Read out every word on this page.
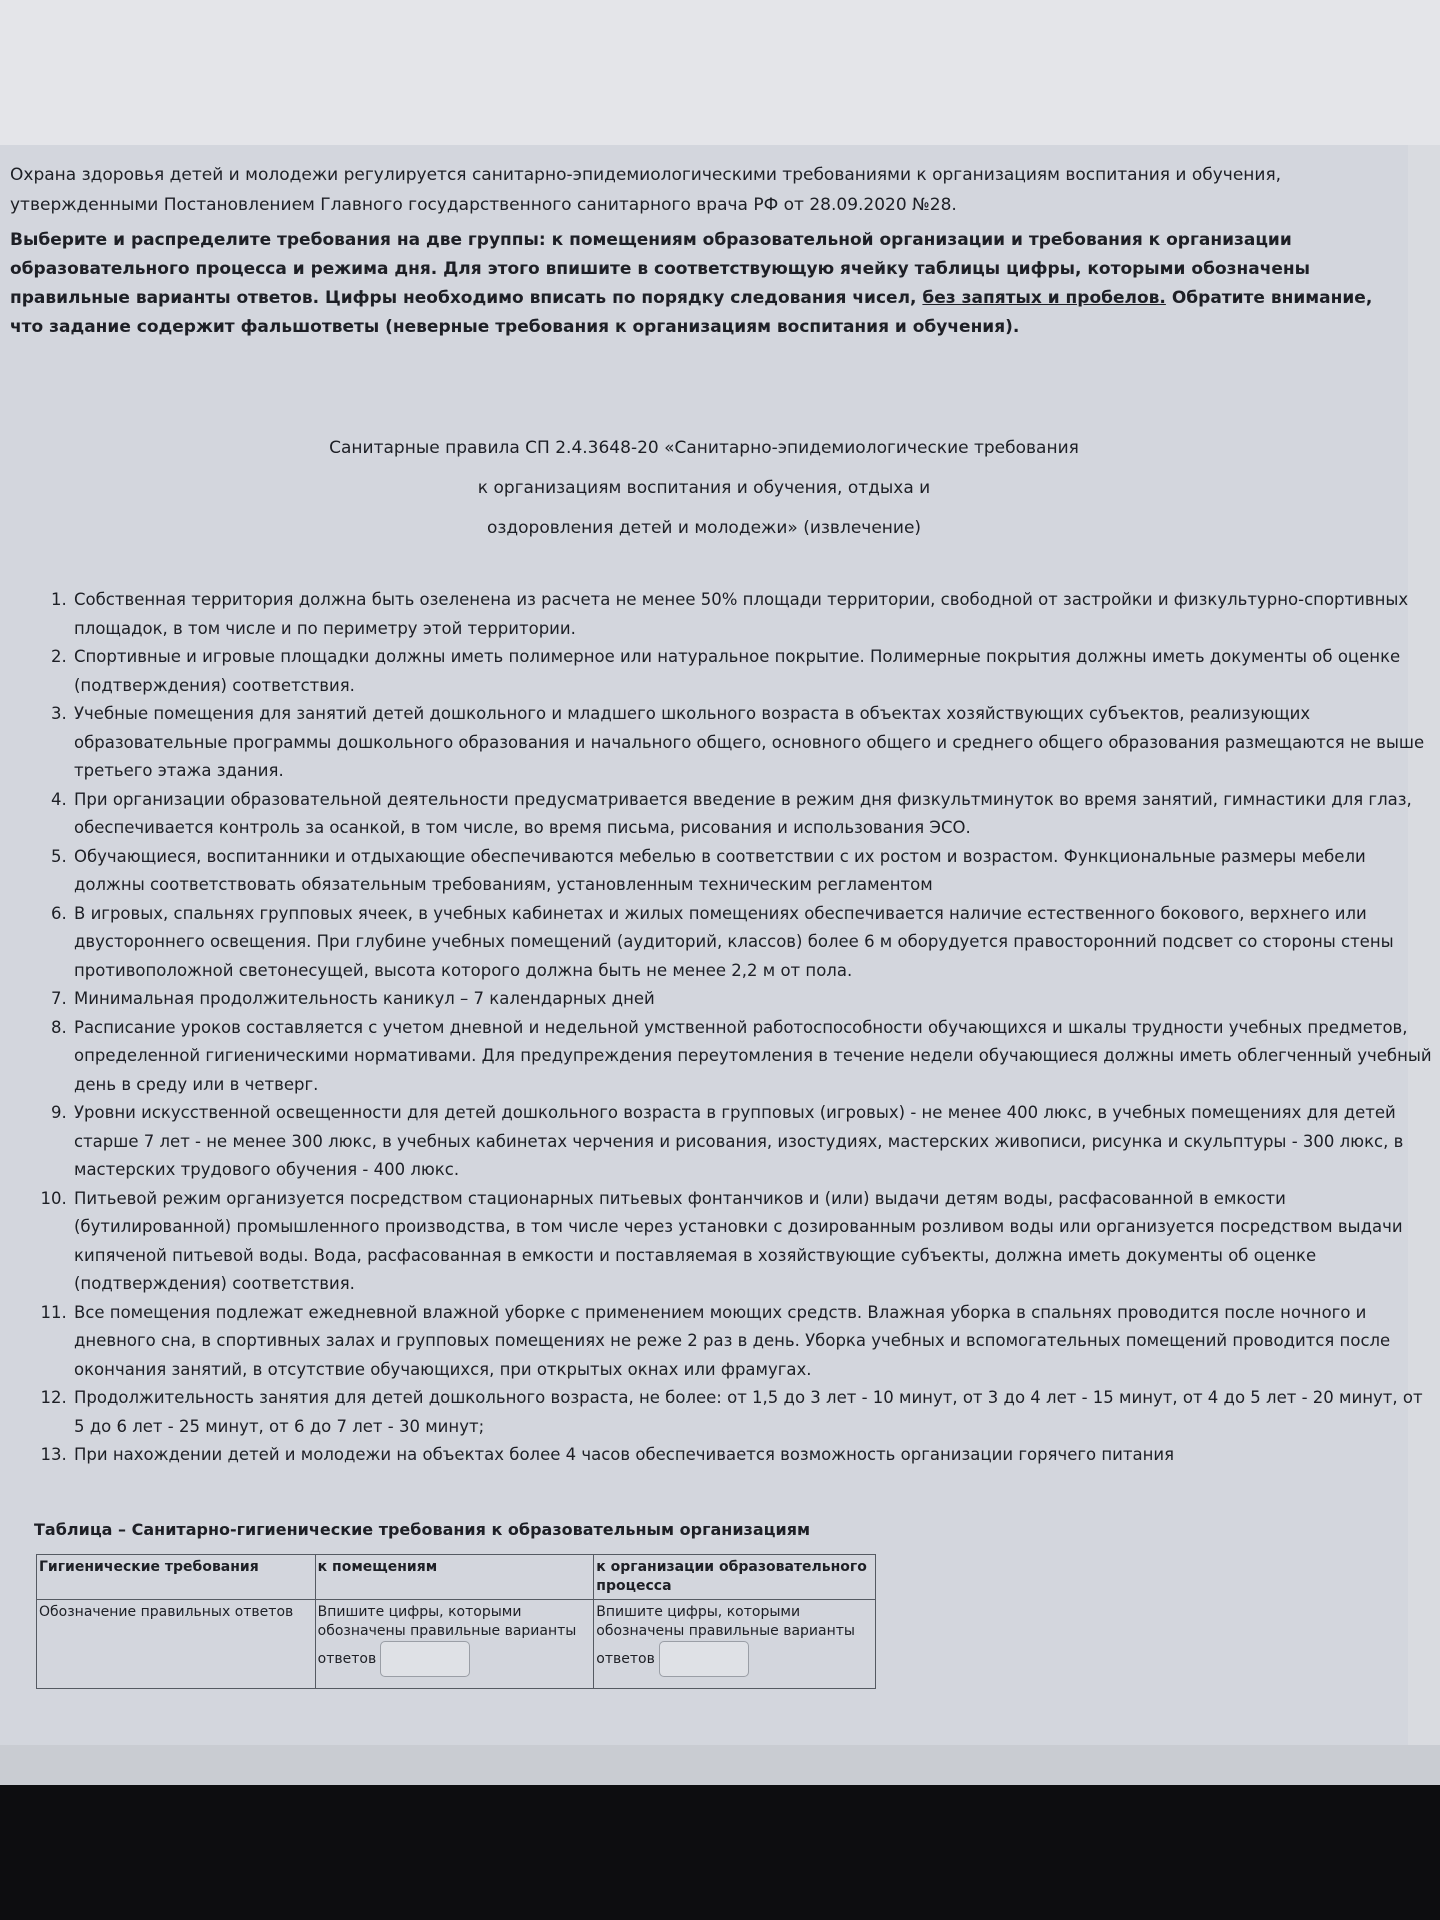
Охрана здоровья детей и молодежи регулируется санитарно-эпидемиологическими требованиями к организациям воспитания и обучения, утвержденными Постановлением Главного государственного санитарного врача РФ от 28.09.2020 №28.

Выберите и распределите требования на две группы: к помещениям образовательной организации и требования к организации образовательного процесса и режима дня. Для этого впишите в соответствующую ячейку таблицы цифры, которыми обозначены правильные варианты ответов. Цифры необходимо вписать по порядку следования чисел, без запятых и пробелов. Обратите внимание, что задание содержит фальшответы (неверные требования к организациям воспитания и обучения).

Санитарные правила СП 2.4.3648-20 «Санитарно-эпидемиологические требования
к организациям воспитания и обучения, отдыха и
оздоровления детей и молодежи» (извлечение)
1. Собственная территория должна быть озеленена из расчета не менее 50% площади территории, свободной от застройки и физкультурно-спортивных площадок, в том числе и по периметру этой территории.
2. Спортивные и игровые площадки должны иметь полимерное или натуральное покрытие. Полимерные покрытия должны иметь документы об оценке (подтверждения) соответствия.
3. Учебные помещения для занятий детей дошкольного и младшего школьного возраста в объектах хозяйствующих субъектов, реализующих образовательные программы дошкольного образования и начального общего, основного общего и среднего общего образования размещаются не выше третьего этажа здания.
4. При организации образовательной деятельности предусматривается введение в режим дня физкультминуток во время занятий, гимнастики для глаз, обеспечивается контроль за осанкой, в том числе, во время письма, рисования и использования ЭСО.
5. Обучающиеся, воспитанники и отдыхающие обеспечиваются мебелью в соответствии с их ростом и возрастом. Функциональные размеры мебели должны соответствовать обязательным требованиям, установленным техническим регламентом
6. В игровых, спальнях групповых ячеек, в учебных кабинетах и жилых помещениях обеспечивается наличие естественного бокового, верхнего или двустороннего освещения. При глубине учебных помещений (аудиторий, классов) более 6 м оборудуется правосторонний подсвет со стороны стены противоположной светонесущей, высота которого должна быть не менее 2,2 м от пола.
7. Минимальная продолжительность каникул – 7 календарных дней
8. Расписание уроков составляется с учетом дневной и недельной умственной работоспособности обучающихся и шкалы трудности учебных предметов, определенной гигиеническими нормативами. Для предупреждения переутомления в течение недели обучающиеся должны иметь облегченный учебный день в среду или в четверг.
9. Уровни искусственной освещенности для детей дошкольного возраста в групповых (игровых) - не менее 400 люкс, в учебных помещениях для детей старше 7 лет - не менее 300 люкс, в учебных кабинетах черчения и рисования, изостудиях, мастерских живописи, рисунка и скульптуры - 300 люкс, в мастерских трудового обучения - 400 люкс.
10. Питьевой режим организуется посредством стационарных питьевых фонтанчиков и (или) выдачи детям воды, расфасованной в емкости (бутилированной) промышленного производства, в том числе через установки с дозированным розливом воды или организуется посредством выдачи кипяченой питьевой воды. Вода, расфасованная в емкости и поставляемая в хозяйствующие субъекты, должна иметь документы об оценке (подтверждения) соответствия.
11. Все помещения подлежат ежедневной влажной уборке с применением моющих средств. Влажная уборка в спальнях проводится после ночного и дневного сна, в спортивных залах и групповых помещениях не реже 2 раз в день. Уборка учебных и вспомогательных помещений проводится после окончания занятий, в отсутствие обучающихся, при открытых окнах или фрамугах.
12. Продолжительность занятия для детей дошкольного возраста, не более: от 1,5 до 3 лет - 10 минут, от 3 до 4 лет - 15 минут, от 4 до 5 лет - 20 минут, от 5 до 6 лет - 25 минут, от 6 до 7 лет - 30 минут;
13. При нахождении детей и молодежи на объектах более 4 часов обеспечивается возможность организации горячего питания
Таблица – Санитарно-гигиенические требования к образовательным организациям
Гигиенические требования	к помещениям	к организации образовательного процесса
Обозначение правильных ответов	Впишите цифры, которыми обозначены правильные варианты ответов	Впишите цифры, которыми обозначены правильные варианты ответов
